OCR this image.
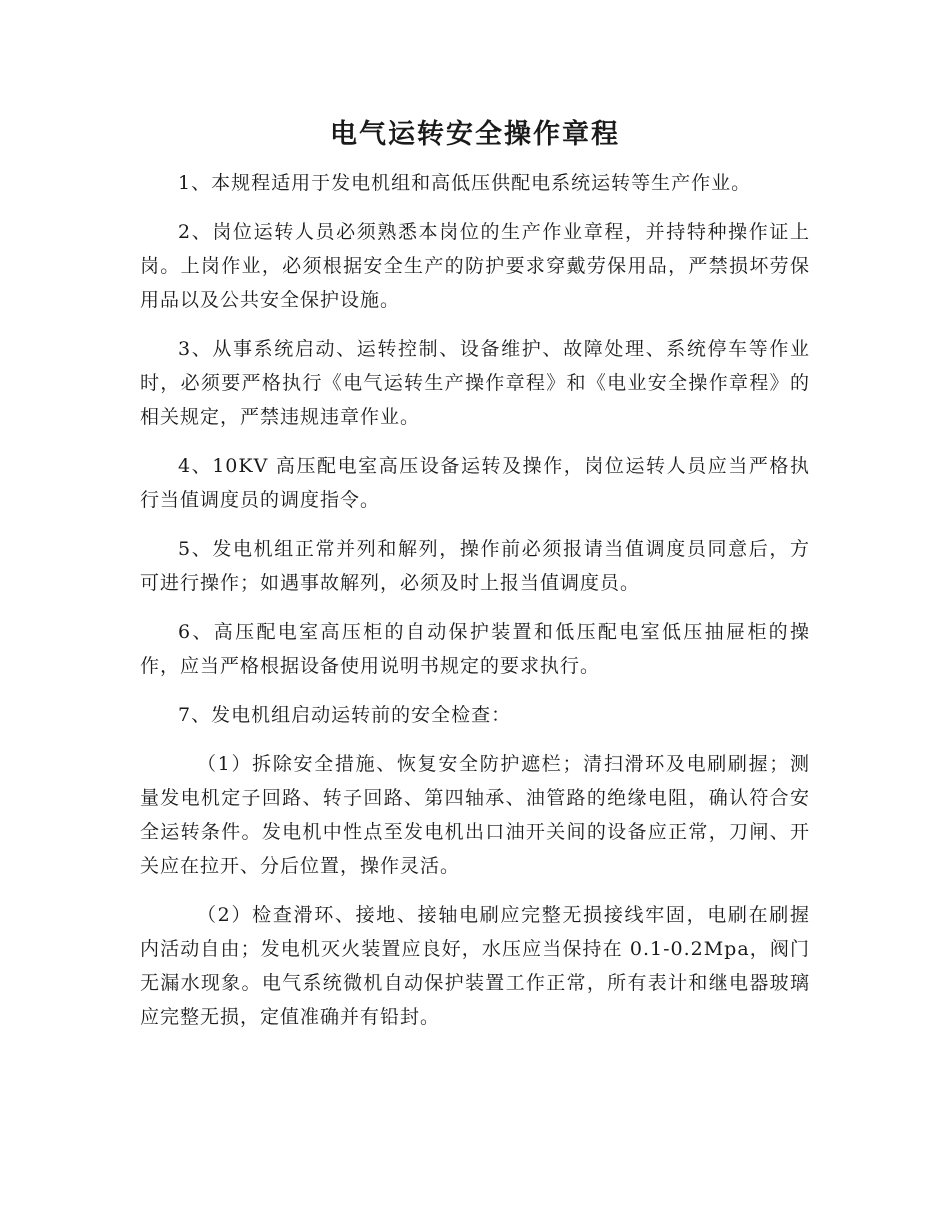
电气运转安全操作章程

1、本规程适用于发电机组和高低压供配电系统运转等生产作业。

2、岗位运转人员必须熟悉本岗位的生产作业章程，并持特种操作证上岗。上岗作业，必须根据安全生产的防护要求穿戴劳保用品，严禁损坏劳保用品以及公共安全保护设施。

3、从事系统启动、运转控制、设备维护、故障处理、系统停车等作业时，必须要严格执行《电气运转生产操作章程》和《电业安全操作章程》的相关规定，严禁违规违章作业。

4、10KV 高压配电室高压设备运转及操作，岗位运转人员应当严格执行当值调度员的调度指令。

5、发电机组正常并列和解列，操作前必须报请当值调度员同意后，方可进行操作；如遇事故解列，必须及时上报当值调度员。

6、高压配电室高压柜的自动保护装置和低压配电室低压抽屉柜的操作，应当严格根据设备使用说明书规定的要求执行。

7、发电机组启动运转前的安全检查：

（1）拆除安全措施、恢复安全防护遮栏；清扫滑环及电刷刷握；测量发电机定子回路、转子回路、第四轴承、油管路的绝缘电阻，确认符合安全运转条件。发电机中性点至发电机出口油开关间的设备应正常，刀闸、开关应在拉开、分后位置，操作灵活。

（2）检查滑环、接地、接轴电刷应完整无损接线牢固，电刷在刷握内活动自由；发电机灭火装置应良好，水压应当保持在 0.1-0.2Mpa，阀门无漏水现象。电气系统微机自动保护装置工作正常，所有表计和继电器玻璃应完整无损，定值准确并有铅封。
